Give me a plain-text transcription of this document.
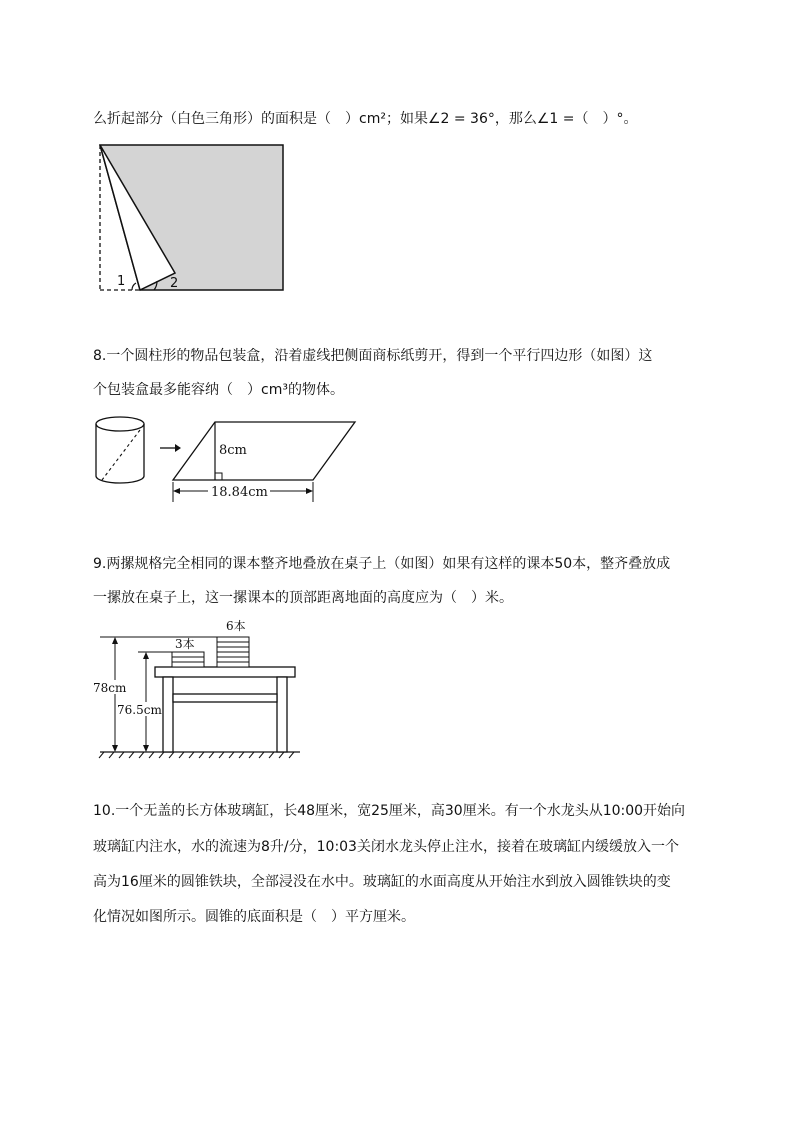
么折起部分（白色三角形）的面积是（　）cm²；如果∠2 = 36°，那么∠1 =（　）°。
1	2
8.一个圆柱形的物品包装盒，沿着虚线把侧面商标纸剪开，得到一个平行四边形（如图）这
个包装盒最多能容纳（　）cm³的物体。
8cm
18.84cm
9.两摞规格完全相同的课本整齐地叠放在桌子上（如图）如果有这样的课本50本，整齐叠放成
一摞放在桌子上，这一摞课本的顶部距离地面的高度应为（　）米。
3本
6本
78cm
76.5cm
10.一个无盖的长方体玻璃缸，长48厘米，宽25厘米，高30厘米。有一个水龙头从10:00开始向
玻璃缸内注水，水的流速为8升/分，10:03关闭水龙头停止注水，接着在玻璃缸内缓缓放入一个
高为16厘米的圆锥铁块，全部浸没在水中。玻璃缸的水面高度从开始注水到放入圆锥铁块的变
化情况如图所示。圆锥的底面积是（　）平方厘米。
